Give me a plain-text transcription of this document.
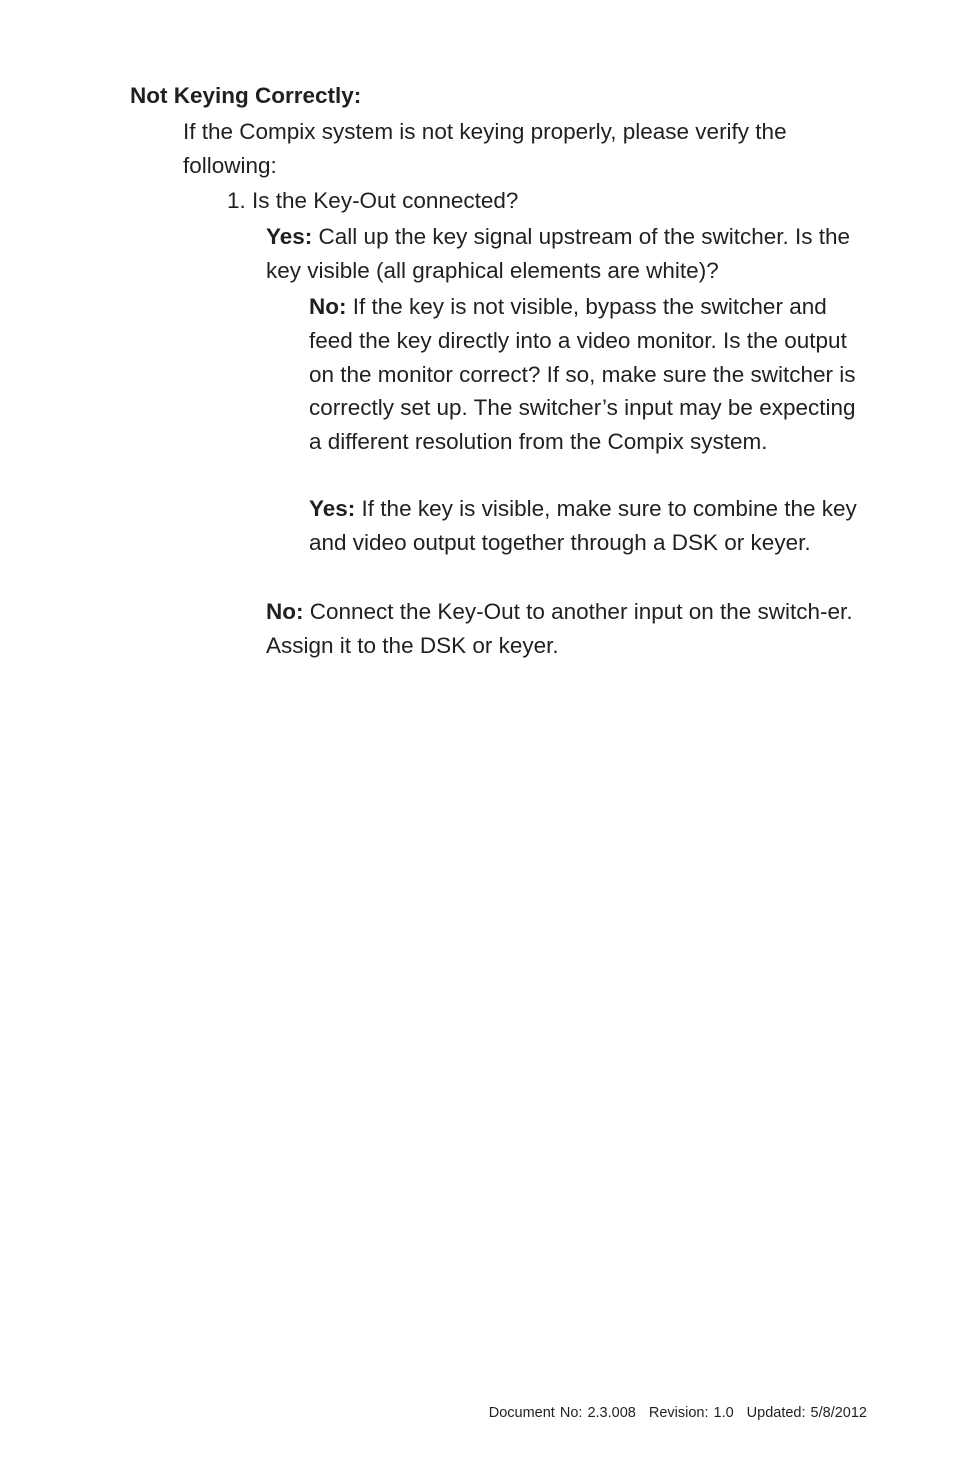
Not Keying Correctly:

If the Compix system is not keying properly, please verify the following:

1. Is the Key-Out connected?

Yes: Call up the key signal upstream of the switcher. Is the key visible (all graphical elements are white)?

No: If the key is not visible, bypass the switcher and feed the key directly into a video monitor. Is the output on the monitor correct? If so, make sure the switcher is correctly set up. The switcher’s input may be expecting a different resolution from the Compix system.

Yes: If the key is visible, make sure to combine the key and video output together through a DSK or keyer.

No: Connect the Key-Out to another input on the switch-er. Assign it to the DSK or keyer.

Document No: 2.3.008 Revision: 1.0 Updated: 5/8/2012
